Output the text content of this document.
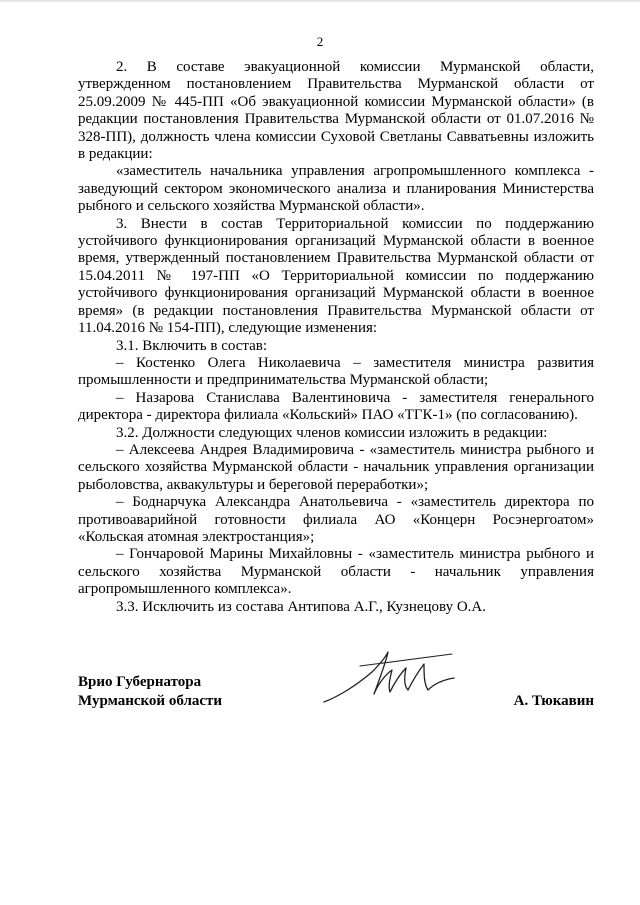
2

2. В составе эвакуационной комиссии Мурманской области, утвержденном постановлением Правительства Мурманской области от 25.09.2009 № 445-ПП «Об эвакуационной комиссии Мурманской области» (в редакции постановления Правительства Мурманской области от 01.07.2016 № 328-ПП), должность члена комиссии Суховой Светланы Савватьевны изложить в редакции:

«заместитель начальника управления агропромышленного комплекса - заведующий сектором экономического анализа и планирования Министерства рыбного и сельского хозяйства Мурманской области».

3. Внести в состав Территориальной комиссии по поддержанию устойчивого функционирования организаций Мурманской области в военное время, утвержденный постановлением Правительства Мурманской области от 15.04.2011 № 197-ПП «О Территориальной комиссии по поддержанию устойчивого функционирования организаций Мурманской области в военное время» (в редакции постановления Правительства Мурманской области от 11.04.2016 № 154-ПП), следующие изменения:

3.1. Включить в состав:

– Костенко Олега Николаевича – заместителя министра развития промышленности и предпринимательства Мурманской области;

– Назарова Станислава Валентиновича - заместителя генерального директора - директора филиала «Кольский» ПАО «ТГК-1» (по согласованию).

3.2. Должности следующих членов комиссии изложить в редакции:

– Алексеева Андрея Владимировича - «заместитель министра рыбного и сельского хозяйства Мурманской области - начальник управления организации рыболовства, аквакультуры и береговой переработки»;

– Боднарчука Александра Анатольевича - «заместитель директора по противоаварийной готовности филиала АО «Концерн Росэнергоатом» «Кольская атомная электростанция»;

– Гончаровой Марины Михайловны - «заместитель министра рыбного и сельского хозяйства Мурманской области - начальник управления агропромышленного комплекса».

3.3. Исключить из состава Антипова А.Г., Кузнецову О.А.

Врио Губернатора
Мурманской области	А. Тюкавин
